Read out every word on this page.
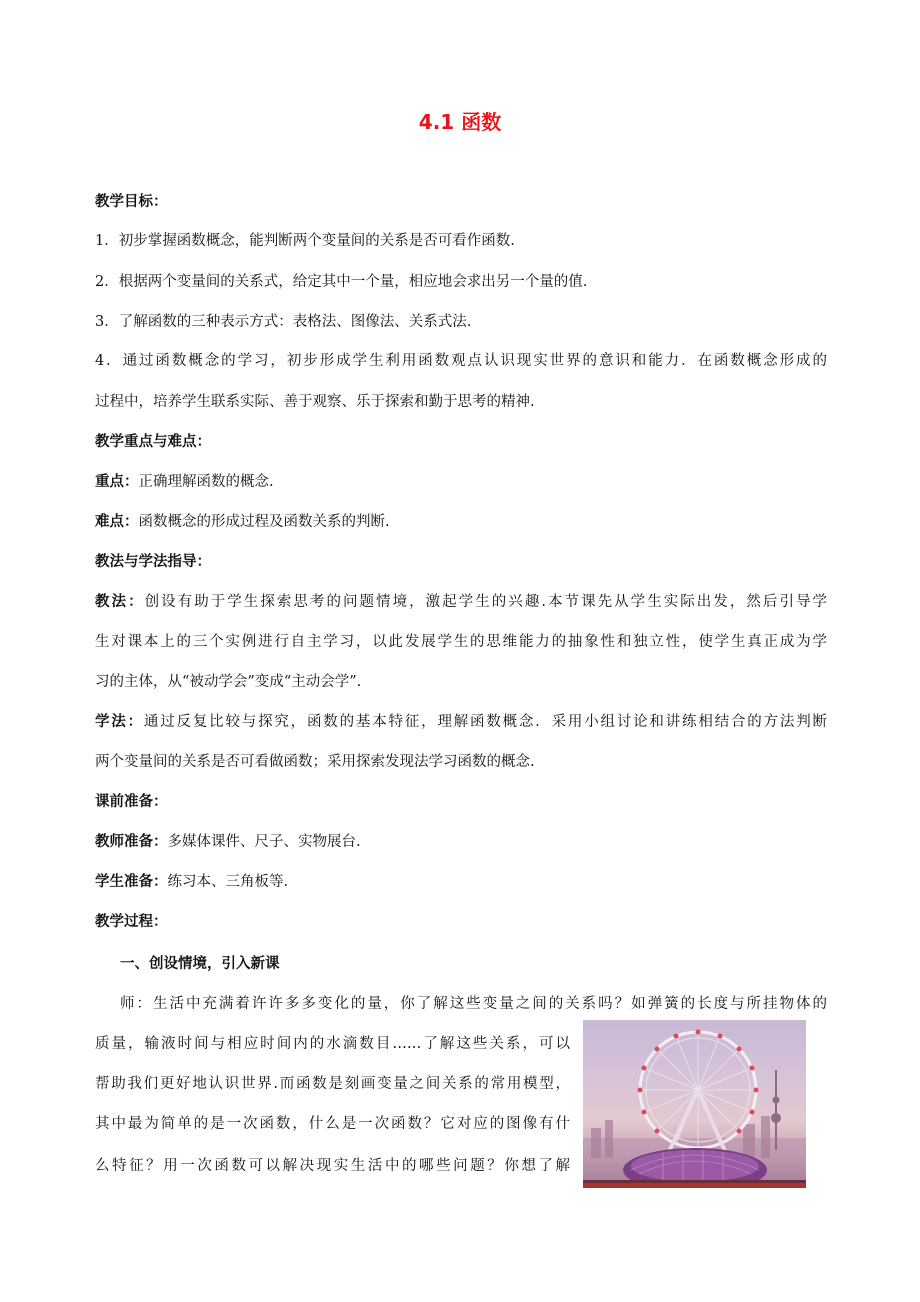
4.1 函数
教学目标：
1．初步掌握函数概念，能判断两个变量间的关系是否可看作函数.
2．根据两个变量间的关系式，给定其中一个量，相应地会求出另一个量的值.
3．了解函数的三种表示方式：表格法、图像法、关系式法.
4．通过函数概念的学习，初步形成学生利用函数观点认识现实世界的意识和能力．在函数概念形成的
过程中，培养学生联系实际、善于观察、乐于探索和勤于思考的精神.
教学重点与难点：
重点：正确理解函数的概念.
难点：函数概念的形成过程及函数关系的判断.
教法与学法指导：
教法：创设有助于学生探索思考的问题情境，激起学生的兴趣.本节课先从学生实际出发，然后引导学
生对课本上的三个实例进行自主学习，以此发展学生的思维能力的抽象性和独立性，使学生真正成为学
习的主体，从“被动学会”变成“主动会学”.
学法：通过反复比较与探究，函数的基本特征，理解函数概念．采用小组讨论和讲练相结合的方法判断
两个变量间的关系是否可看做函数；采用探索发现法学习函数的概念.
课前准备：
教师准备：多媒体课件、尺子、实物展台.
学生准备：练习本、三角板等.
教学过程：
一、创设情境，引入新课
师：生活中充满着许许多多变化的量，你了解这些变量之间的关系吗？如弹簧的长度与所挂物体的
质量，输液时间与相应时间内的水滴数目……了解这些关系，可以
帮助我们更好地认识世界.而函数是刻画变量之间关系的常用模型，
其中最为简单的是一次函数，什么是一次函数？它对应的图像有什
么特征？用一次函数可以解决现实生活中的哪些问题？你想了解
